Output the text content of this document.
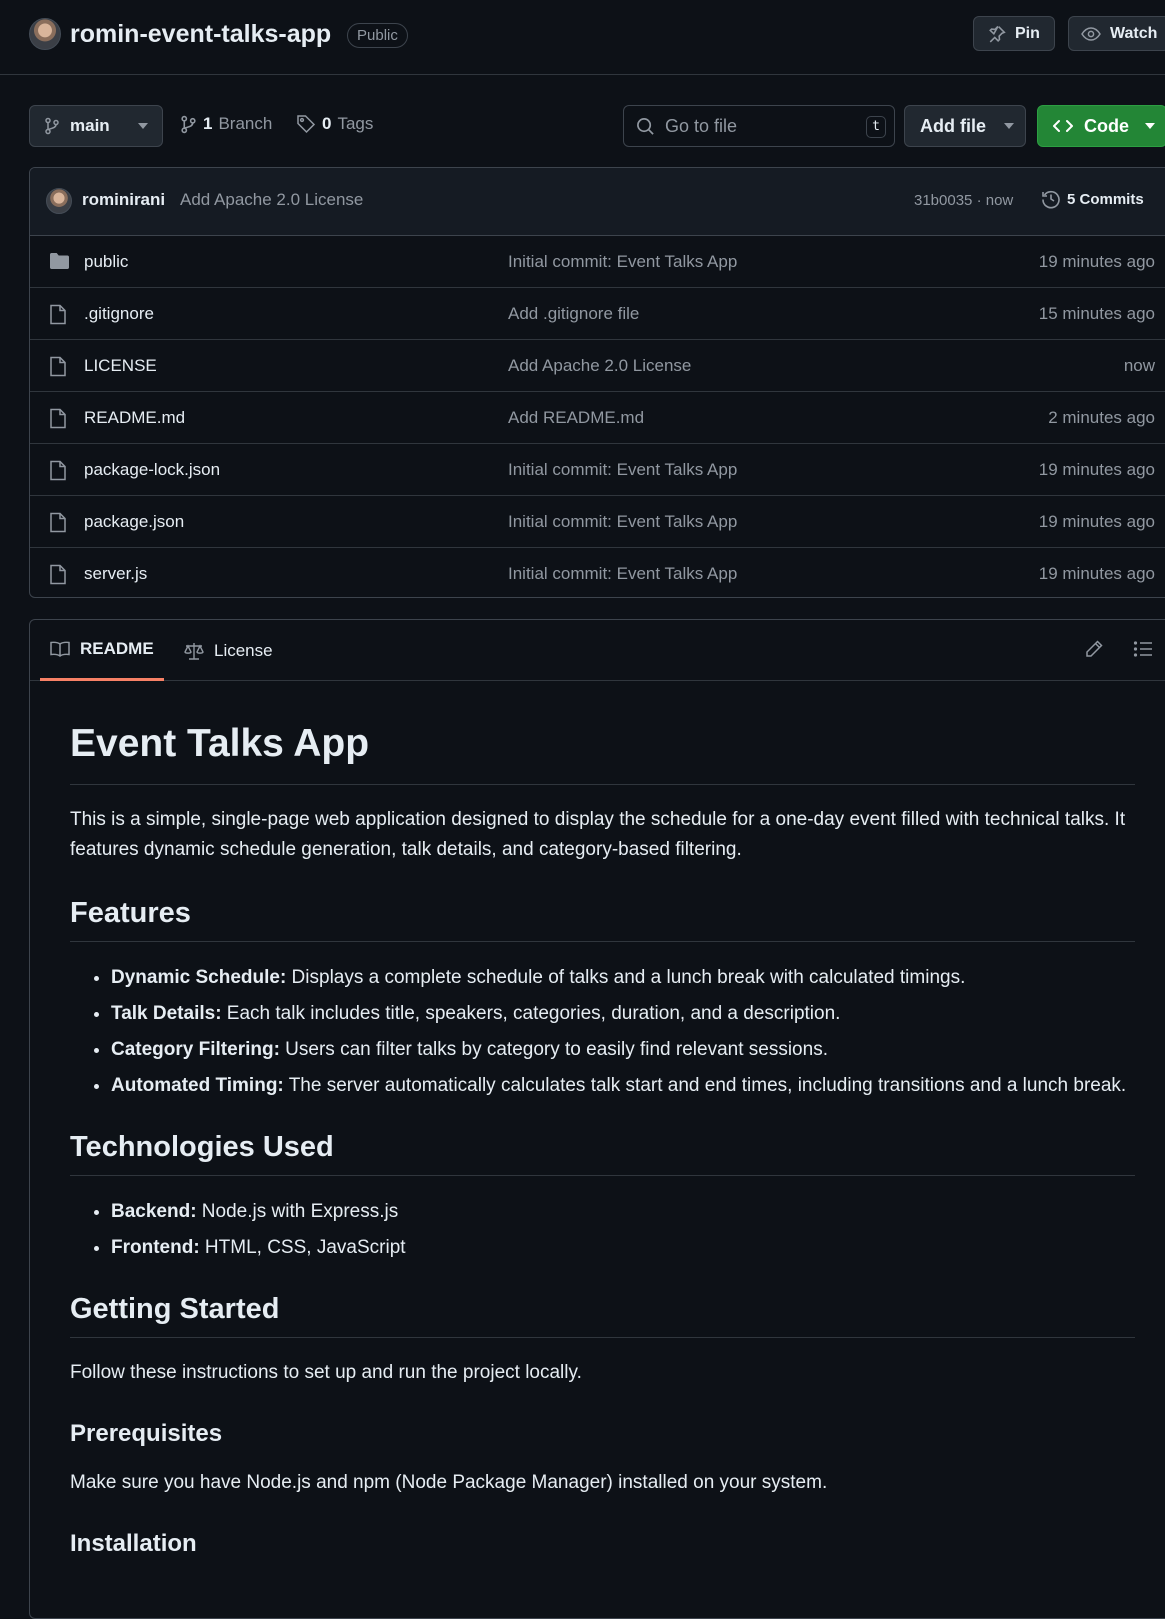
romin-event-talks-app	Public	Pin	Watch
main	1 Branch	0 Tags
Go to file	t	Add file	Code
rominirani Add Apache 2.0 License	31b0035 · now	5 Commits
public	Initial commit: Event Talks App	19 minutes ago
.gitignore	Add .gitignore file	15 minutes ago
LICENSE	Add Apache 2.0 License	now
README.md	Add README.md	2 minutes ago
package-lock.json	Initial commit: Event Talks App	19 minutes ago
package.json	Initial commit: Event Talks App	19 minutes ago
server.js	Initial commit: Event Talks App	19 minutes ago
README	License
Event Talks App

This is a simple, single-page web application designed to display the schedule for a one-day event filled with technical talks. It features dynamic schedule generation, talk details, and category-based filtering.

Features
• Dynamic Schedule: Displays a complete schedule of talks and a lunch break with calculated timings.
• Talk Details: Each talk includes title, speakers, categories, duration, and a description.
• Category Filtering: Users can filter talks by category to easily find relevant sessions.
• Automated Timing: The server automatically calculates talk start and end times, including transitions and a lunch break.
Technologies Used
• Backend: Node.js with Express.js
• Frontend: HTML, CSS, JavaScript
Getting Started

Follow these instructions to set up and run the project locally.

Prerequisites

Make sure you have Node.js and npm (Node Package Manager) installed on your system.

Installation
